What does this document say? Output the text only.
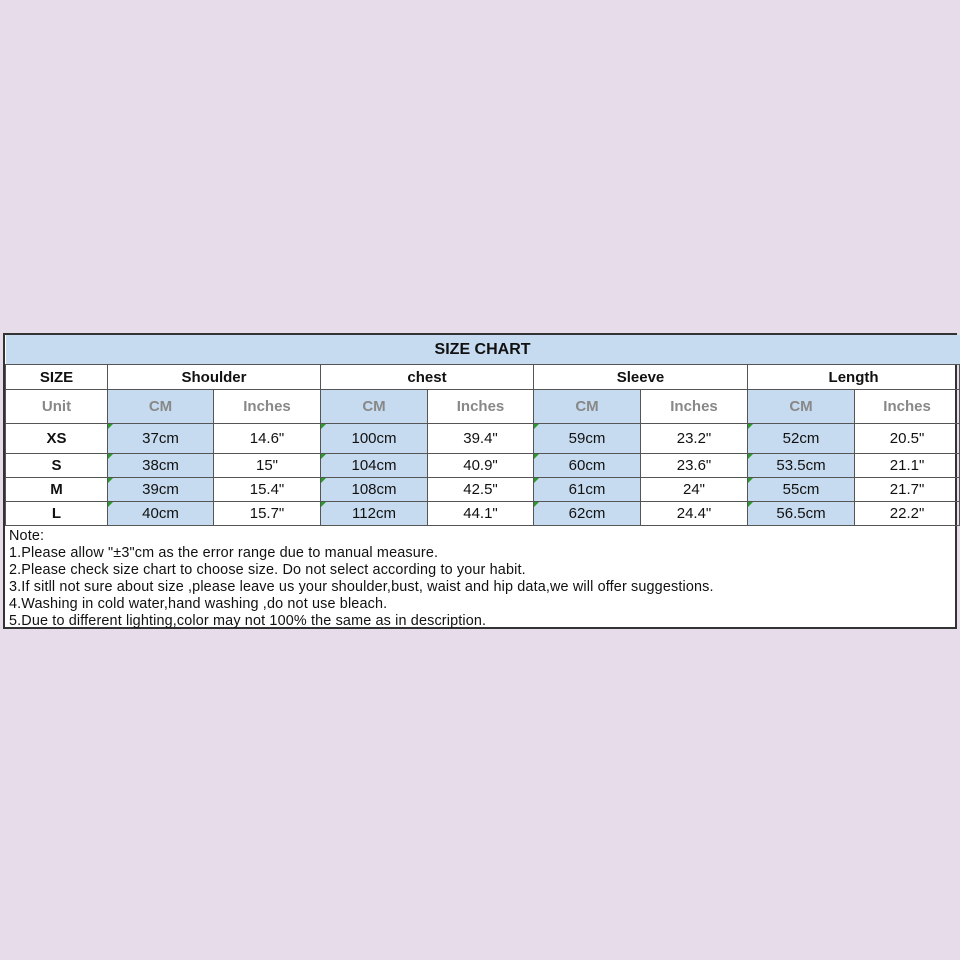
SIZE CHART								
SIZE	Shoulder		chest		Sleeve		Length	
Unit	CM	Inches	CM	Inches	CM	Inches	CM	Inches
XS	37cm	14.6"	100cm	39.4"	59cm	23.2"	52cm	20.5"
S	38cm	15"	104cm	40.9"	60cm	23.6"	53.5cm	21.1"
M	39cm	15.4"	108cm	42.5"	61cm	24"	55cm	21.7"
L	40cm	15.7"	112cm	44.1"	62cm	24.4"	56.5cm	22.2"
Note:
1.Please allow "±3"cm as the error range due to manual measure.
2.Please check size chart to choose size. Do not select according to your habit.
3.If sitll not sure about size ,please leave us your shoulder,bust, waist and hip data,we will offer suggestions.
4.Washing in cold water,hand washing ,do not use bleach.
5.Due to different lighting,color may not 100% the same as in description.
